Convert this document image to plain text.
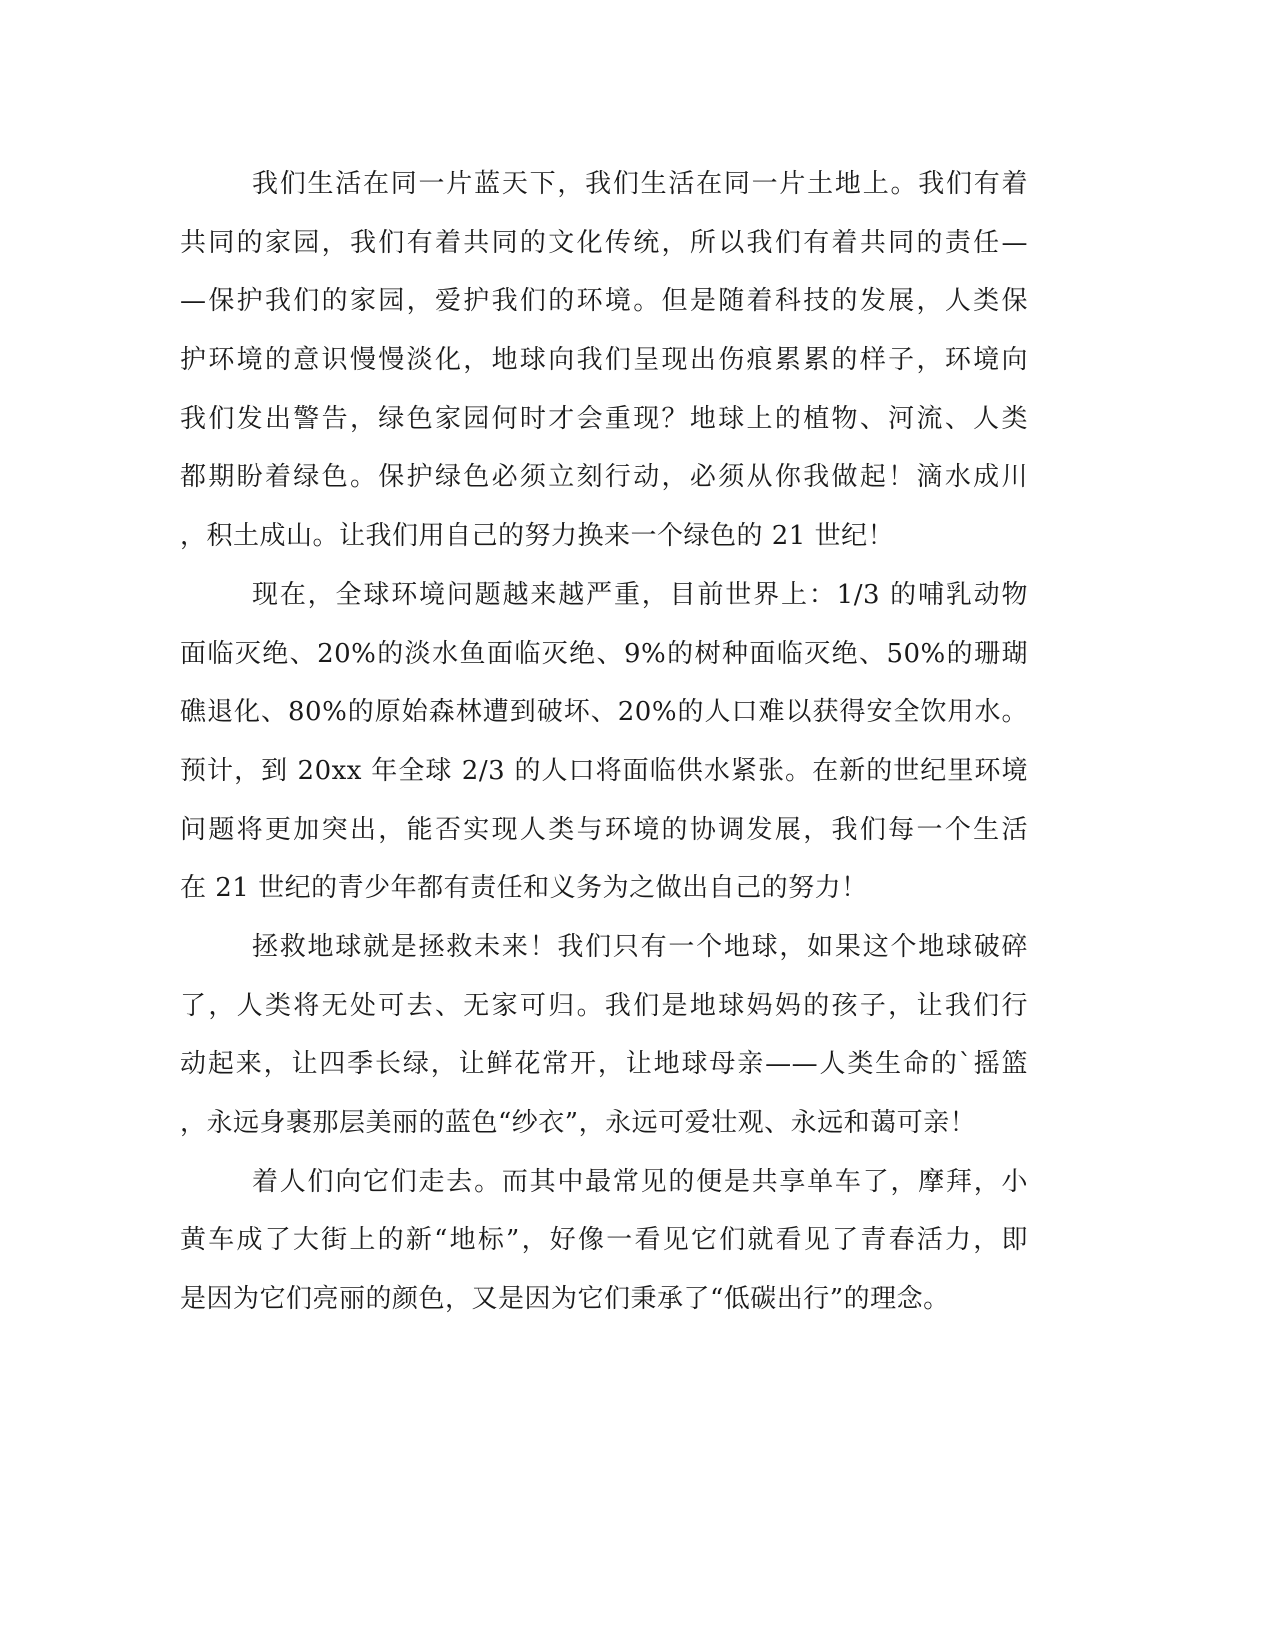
我们生活在同一片蓝天下，我们生活在同一片土地上。我们有着
共同的家园，我们有着共同的文化传统，所以我们有着共同的责任—
—保护我们的家园，爱护我们的环境。但是随着科技的发展，人类保
护环境的意识慢慢淡化，地球向我们呈现出伤痕累累的样子，环境向
我们发出警告，绿色家园何时才会重现？地球上的植物、河流、人类
都期盼着绿色。保护绿色必须立刻行动，必须从你我做起！滴水成川
，积土成山。让我们用自己的努力换来一个绿色的 21 世纪！
现在，全球环境问题越来越严重，目前世界上：1/3 的哺乳动物
面临灭绝、20%的淡水鱼面临灭绝、9%的树种面临灭绝、50%的珊瑚
礁退化、80%的原始森林遭到破坏、20%的人口难以获得安全饮用水。
预计，到 20xx 年全球 2/3 的人口将面临供水紧张。在新的世纪里环境
问题将更加突出，能否实现人类与环境的协调发展，我们每一个生活
在 21 世纪的青少年都有责任和义务为之做出自己的努力！
拯救地球就是拯救未来！我们只有一个地球，如果这个地球破碎
了，人类将无处可去、无家可归。我们是地球妈妈的孩子，让我们行
动起来，让四季长绿，让鲜花常开，让地球母亲——人类生命的`摇篮
，永远身裹那层美丽的蓝色“纱衣”，永远可爱壮观、永远和蔼可亲！
着人们向它们走去。而其中最常见的便是共享单车了，摩拜，小
黄车成了大街上的新“地标”，好像一看见它们就看见了青春活力，即
是因为它们亮丽的颜色，又是因为它们秉承了“低碳出行”的理念。
